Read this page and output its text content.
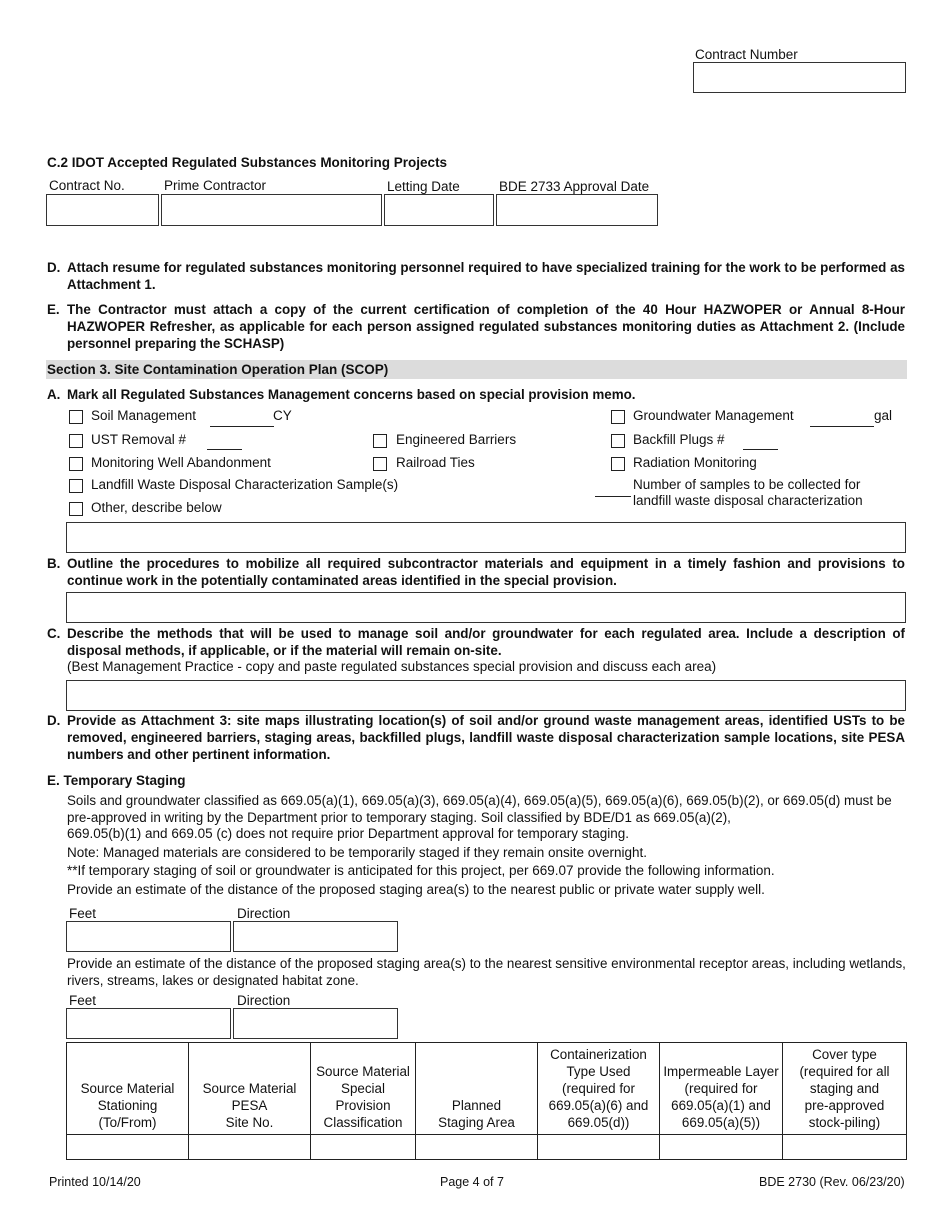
Contract Number
C.2 IDOT Accepted Regulated Substances Monitoring Projects
Contract No.	Prime Contractor	Letting Date	BDE 2733 Approval Date
D. Attach resume for regulated substances monitoring personnel required to have specialized training for the work to be performed as Attachment 1.
E. The Contractor must attach a copy of the current certification of completion of the 40 Hour HAZWOPER or Annual 8-Hour HAZWOPER Refresher, as applicable for each person assigned regulated substances monitoring duties as Attachment 2. (Include personnel preparing the SCHASP)
Section 3. Site Contamination Operation Plan (SCOP)
A. Mark all Regulated Substances Management concerns based on special provision memo.
Soil Management	CY
UST Removal #
Monitoring Well Abandonment
Landfill Waste Disposal Characterization Sample(s)
Other, describe below
Engineered Barriers
Railroad Ties
Groundwater Management	gal
Backfill Plugs #
Radiation Monitoring
Number of samples to be collected for
landfill waste disposal characterization
B. Outline the procedures to mobilize all required subcontractor materials and equipment in a timely fashion and provisions to continue work in the potentially contaminated areas identified in the special provision.
C. Describe the methods that will be used to manage soil and/or groundwater for each regulated area. Include a description of disposal methods, if applicable, or if the material will remain on-site.
(Best Management Practice - copy and paste regulated substances special provision and discuss each area)
D. Provide as Attachment 3: site maps illustrating location(s) of soil and/or ground waste management areas, identified USTs to be removed, engineered barriers, staging areas, backfilled plugs, landfill waste disposal characterization sample locations, site PESA numbers and other pertinent information.
E. Temporary Staging
Soils and groundwater classified as 669.05(a)(1), 669.05(a)(3), 669.05(a)(4), 669.05(a)(5), 669.05(a)(6), 669.05(b)(2), or 669.05(d) must be pre-approved in writing by the Department prior to temporary staging. Soil classified by BDE/D1 as 669.05(a)(2),
669.05(b)(1) and 669.05 (c) does not require prior Department approval for temporary staging.
Note: Managed materials are considered to be temporarily staged if they remain onsite overnight.
**If temporary staging of soil or groundwater is anticipated for this project, per 669.07 provide the following information.
Provide an estimate of the distance of the proposed staging area(s) to the nearest public or private water supply well.
Feet	Direction
Provide an estimate of the distance of the proposed staging area(s) to the nearest sensitive environmental receptor areas, including wetlands, rivers, streams, lakes or designated habitat zone.
Feet	Direction
Source Material
Stationing
(To/From)	Source Material
PESA
Site No.	Source Material
Special
Provision
Classification	Planned
Staging Area	Containerization
Type Used
(required for
669.05(a)(6) and
669.05(d))	Impermeable Layer
(required for
669.05(a)(1) and
669.05(a)(5))	Cover type
(required for all
staging and
pre-approved
stock-piling)

Printed 10/14/20	Page 4 of 7	BDE 2730 (Rev. 06/23/20)
